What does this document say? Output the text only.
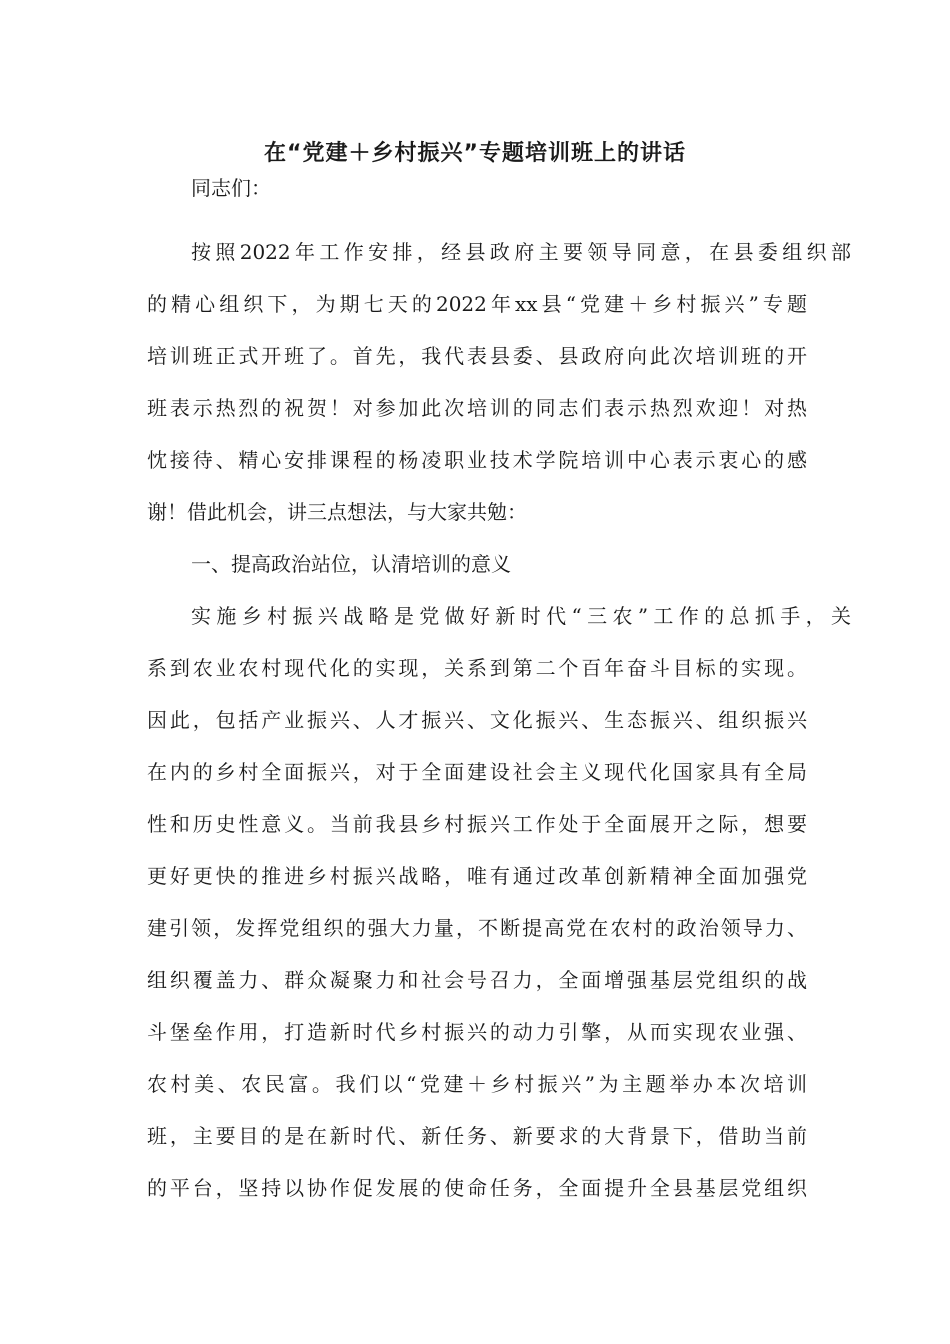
在“党建＋乡村振兴”专题培训班上的讲话
同志们：
按照2022年工作安排，经县政府主要领导同意，在县委组织部
的精心组织下，为期七天的2022年xx县“党建＋乡村振兴”专题
培训班正式开班了。首先，我代表县委、县政府向此次培训班的开
班表示热烈的祝贺！对参加此次培训的同志们表示热烈欢迎！对热
忱接待、精心安排课程的杨凌职业技术学院培训中心表示衷心的感
谢！借此机会，讲三点想法，与大家共勉：
一、提高政治站位，认清培训的意义
实施乡村振兴战略是党做好新时代“三农”工作的总抓手，关
系到农业农村现代化的实现，关系到第二个百年奋斗目标的实现。
因此，包括产业振兴、人才振兴、文化振兴、生态振兴、组织振兴
在内的乡村全面振兴，对于全面建设社会主义现代化国家具有全局
性和历史性意义。当前我县乡村振兴工作处于全面展开之际，想要
更好更快的推进乡村振兴战略，唯有通过改革创新精神全面加强党
建引领，发挥党组织的强大力量，不断提高党在农村的政治领导力、
组织覆盖力、群众凝聚力和社会号召力，全面增强基层党组织的战
斗堡垒作用，打造新时代乡村振兴的动力引擎，从而实现农业强、
农村美、农民富。我们以“党建＋乡村振兴”为主题举办本次培训
班，主要目的是在新时代、新任务、新要求的大背景下，借助当前
的平台，坚持以协作促发展的使命任务，全面提升全县基层党组织
